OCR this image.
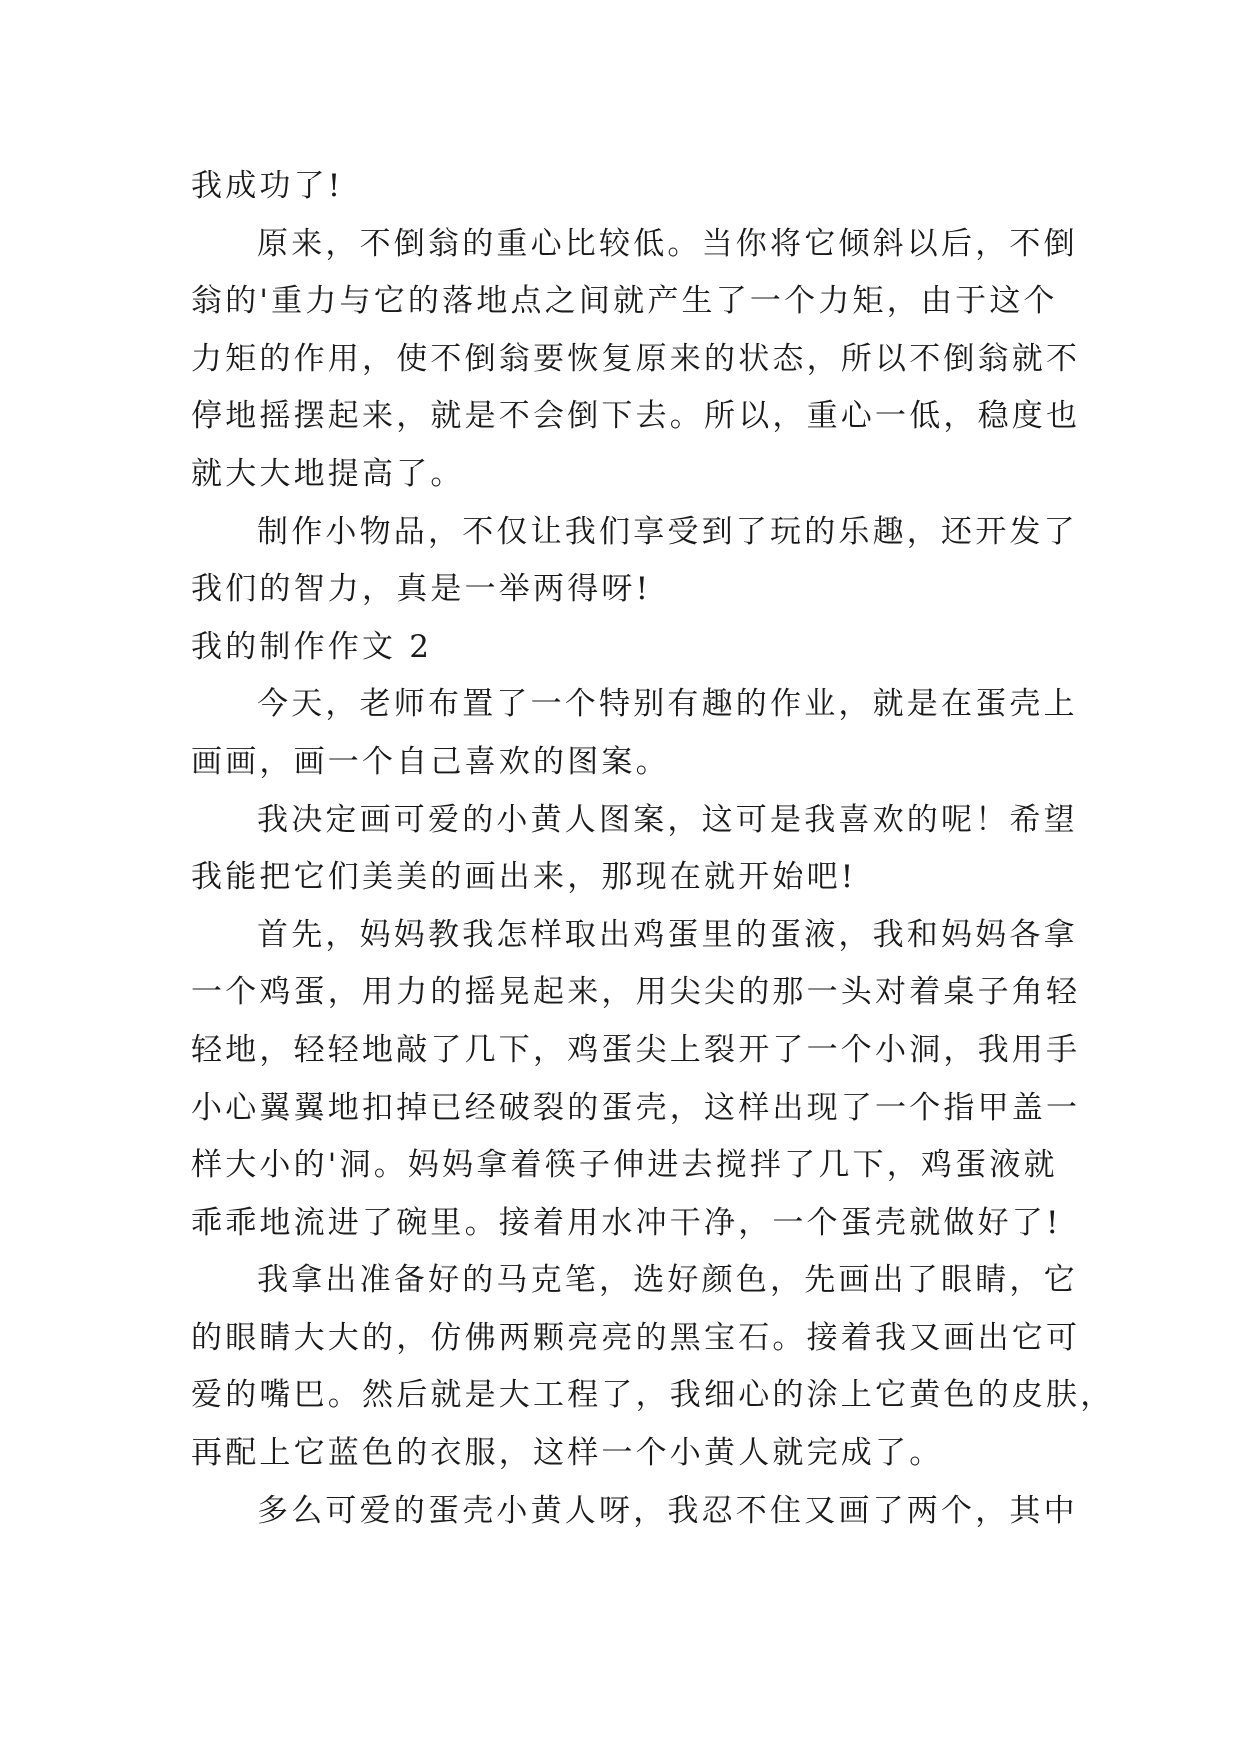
我成功了!
原来，不倒翁的重心比较低。当你将它倾斜以后，不倒
翁的'重力与它的落地点之间就产生了一个力矩，由于这个
力矩的作用，使不倒翁要恢复原来的状态，所以不倒翁就不
停地摇摆起来，就是不会倒下去。所以，重心一低，稳度也
就大大地提高了。
制作小物品，不仅让我们享受到了玩的乐趣，还开发了
我们的智力，真是一举两得呀!
我的制作作文 2
今天，老师布置了一个特别有趣的作业，就是在蛋壳上
画画，画一个自己喜欢的图案。
我决定画可爱的小黄人图案，这可是我喜欢的呢！希望
我能把它们美美的画出来，那现在就开始吧!
首先，妈妈教我怎样取出鸡蛋里的蛋液，我和妈妈各拿
一个鸡蛋，用力的摇晃起来，用尖尖的那一头对着桌子角轻
轻地，轻轻地敲了几下，鸡蛋尖上裂开了一个小洞，我用手
小心翼翼地扣掉已经破裂的蛋壳，这样出现了一个指甲盖一
样大小的'洞。妈妈拿着筷子伸进去搅拌了几下，鸡蛋液就
乖乖地流进了碗里。接着用水冲干净，一个蛋壳就做好了!
我拿出准备好的马克笔，选好颜色，先画出了眼睛，它
的眼睛大大的，仿佛两颗亮亮的黑宝石。接着我又画出它可
爱的嘴巴。然后就是大工程了，我细心的涂上它黄色的皮肤，
再配上它蓝色的衣服，这样一个小黄人就完成了。
多么可爱的蛋壳小黄人呀，我忍不住又画了两个，其中
